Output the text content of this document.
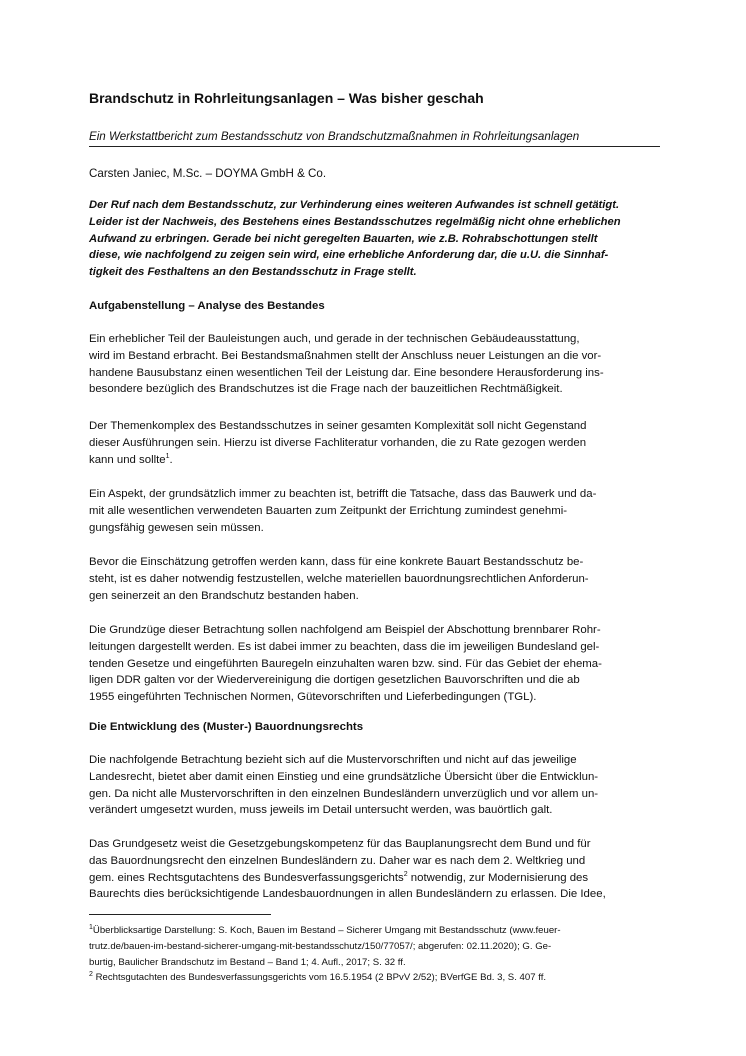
Brandschutz in Rohrleitungsanlagen – Was bisher geschah
Ein Werkstattbericht zum Bestandsschutz von Brandschutzmaßnahmen in Rohrleitungsanlagen
Carsten Janiec, M.Sc. – DOYMA GmbH & Co.
Der Ruf nach dem Bestandsschutz, zur Verhinderung eines weiteren Aufwandes ist schnell getätigt.
Leider ist der Nachweis, des Bestehens eines Bestandsschutzes regelmäßig nicht ohne erheblichen
Aufwand zu erbringen. Gerade bei nicht geregelten Bauarten, wie z.B. Rohrabschottungen stellt
diese, wie nachfolgend zu zeigen sein wird, eine erhebliche Anforderung dar, die u.U. die Sinnhaf-
tigkeit des Festhaltens an den Bestandsschutz in Frage stellt.
Aufgabenstellung – Analyse des Bestandes
Ein erheblicher Teil der Bauleistungen auch, und gerade in der technischen Gebäudeausstattung,
wird im Bestand erbracht. Bei Bestandsmaßnahmen stellt der Anschluss neuer Leistungen an die vor-
handene Bausubstanz einen wesentlichen Teil der Leistung dar. Eine besondere Herausforderung ins-
besondere bezüglich des Brandschutzes ist die Frage nach der bauzeitlichen Rechtmäßigkeit.
Der Themenkomplex des Bestandsschutzes in seiner gesamten Komplexität soll nicht Gegenstand
dieser Ausführungen sein. Hierzu ist diverse Fachliteratur vorhanden, die zu Rate gezogen werden
kann und sollte$^1$.
Ein Aspekt, der grundsätzlich immer zu beachten ist, betrifft die Tatsache, dass das Bauwerk und da-
mit alle wesentlichen verwendeten Bauarten zum Zeitpunkt der Errichtung zumindest genehmi-
gungsfähig gewesen sein müssen.
Bevor die Einschätzung getroffen werden kann, dass für eine konkrete Bauart Bestandsschutz be-
steht, ist es daher notwendig festzustellen, welche materiellen bauordnungsrechtlichen Anforderun-
gen seinerzeit an den Brandschutz bestanden haben.
Die Grundzüge dieser Betrachtung sollen nachfolgend am Beispiel der Abschottung brennbarer Rohr-
leitungen dargestellt werden. Es ist dabei immer zu beachten, dass die im jeweiligen Bundesland gel-
tenden Gesetze und eingeführten Bauregeln einzuhalten waren bzw. sind. Für das Gebiet der ehema-
ligen DDR galten vor der Wiedervereinigung die dortigen gesetzlichen Bauvorschriften und die ab
1955 eingeführten Technischen Normen, Gütevorschriften und Lieferbedingungen (TGL).
Die Entwicklung des (Muster-) Bauordnungsrechts
Die nachfolgende Betrachtung bezieht sich auf die Mustervorschriften und nicht auf das jeweilige
Landesrecht, bietet aber damit einen Einstieg und eine grundsätzliche Übersicht über die Entwicklun-
gen. Da nicht alle Mustervorschriften in den einzelnen Bundesländern unverzüglich und vor allem un-
verändert umgesetzt wurden, muss jeweils im Detail untersucht werden, was bauörtlich galt.
Das Grundgesetz weist die Gesetzgebungskompetenz für das Bauplanungsrecht dem Bund und für
das Bauordnungsrecht den einzelnen Bundesländern zu. Daher war es nach dem 2. Weltkrieg und
gem. eines Rechtsgutachtens des Bundesverfassungsgerichts$^2$ notwendig, zur Modernisierung des
Baurechts dies berücksichtigende Landesbauordnungen in allen Bundesländern zu erlassen. Die Idee,
$^1$Überblicksartige Darstellung: S. Koch, Bauen im Bestand – Sicherer Umgang mit Bestandsschutz (www.feuer-
trutz.de/bauen-im-bestand-sicherer-umgang-mit-bestandsschutz/150/77057/; abgerufen: 02.11.2020); G. Ge-
burtig, Baulicher Brandschutz im Bestand – Band 1; 4. Aufl., 2017; S. 32 ff.
$^2$ Rechtsgutachten des Bundesverfassungsgerichts vom 16.5.1954 (2 BPvV 2/52); BVerfGE Bd. 3, S. 407 ff.
